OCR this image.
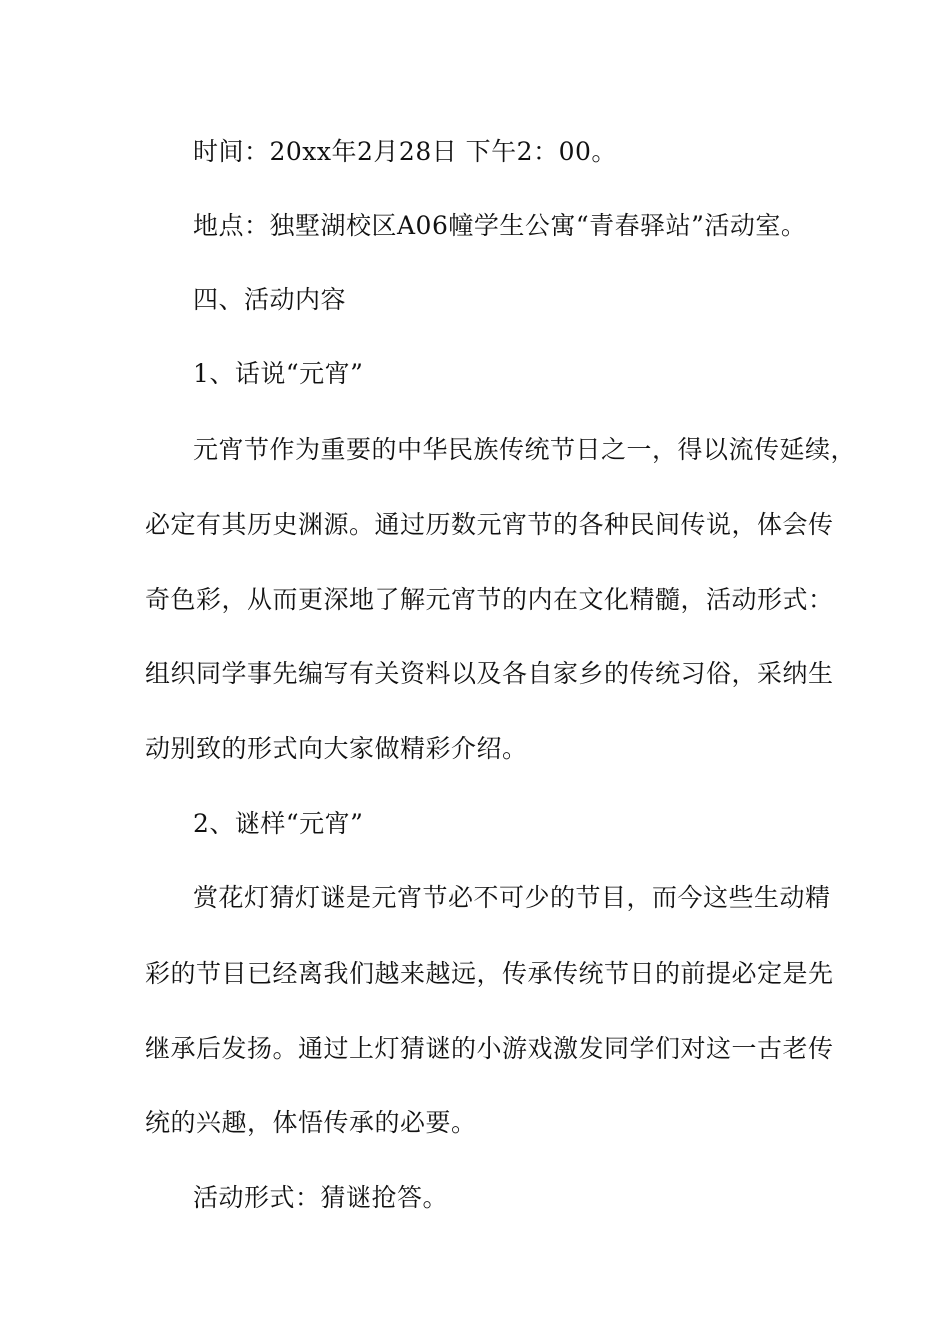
时间：20xx年2月28日 下午2：00。
地点：独墅湖校区A06幢学生公寓“青春驿站”活动室。
四、活动内容
1、话说“元宵”
元宵节作为重要的中华民族传统节日之一，得以流传延续，
必定有其历史渊源。通过历数元宵节的各种民间传说，体会传
奇色彩，从而更深地了解元宵节的内在文化精髓，活动形式：
组织同学事先编写有关资料以及各自家乡的传统习俗，采纳生
动别致的形式向大家做精彩介绍。
2、谜样“元宵”
赏花灯猜灯谜是元宵节必不可少的节目，而今这些生动精
彩的节目已经离我们越来越远，传承传统节日的前提必定是先
继承后发扬。通过上灯猜谜的小游戏激发同学们对这一古老传
统的兴趣，体悟传承的必要。
活动形式：猜谜抢答。
